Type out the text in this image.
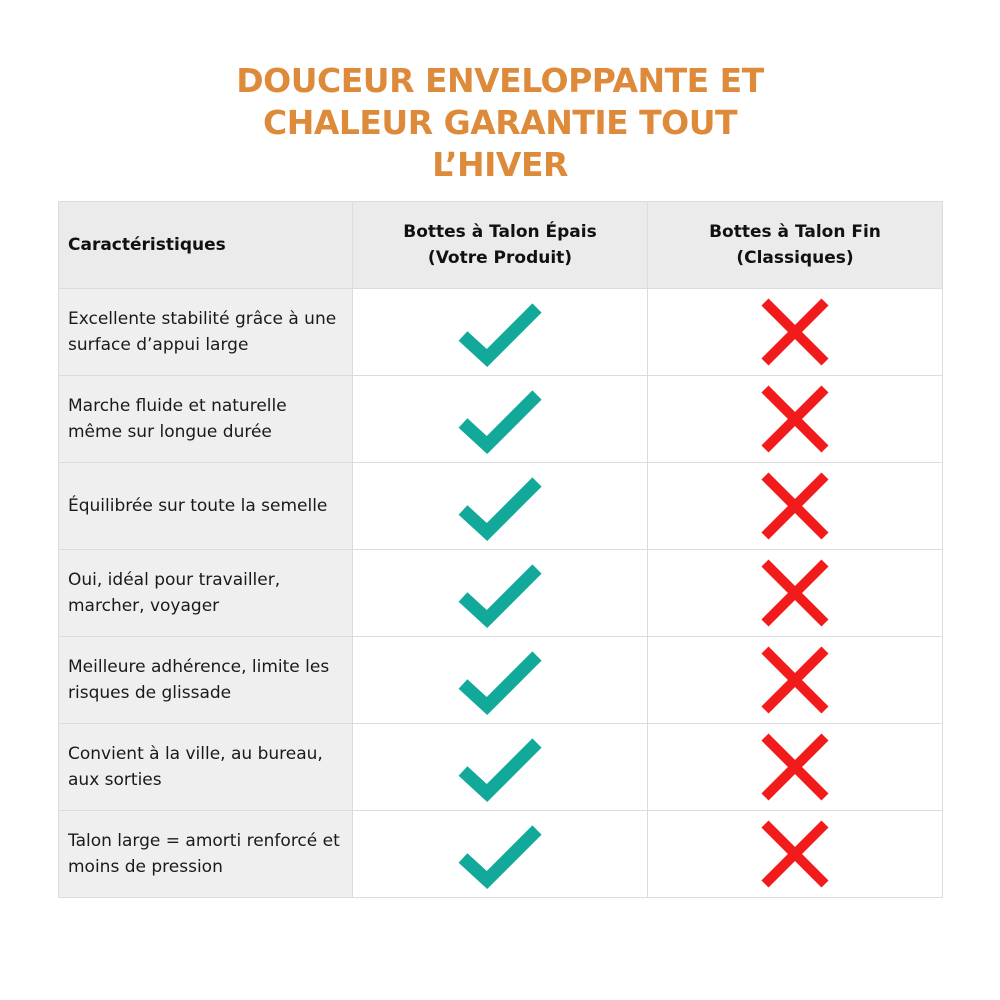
DOUCEUR ENVELOPPANTE ET
CHALEUR GARANTIE TOUT
L’HIVER
Caractéristiques	Bottes à Talon Épais (Votre Produit)	Bottes à Talon Fin (Classiques)
Excellente stabilité grâce à une surface d’appui large	

Marche fluide et naturelle même sur longue durée	

Équilibrée sur toute la semelle	

Oui, idéal pour travailler, marcher, voyager	

Meilleure adhérence, limite les risques de glissade	

Convient à la ville, au bureau, aux sorties	

Talon large = amorti renforcé et moins de pression	
